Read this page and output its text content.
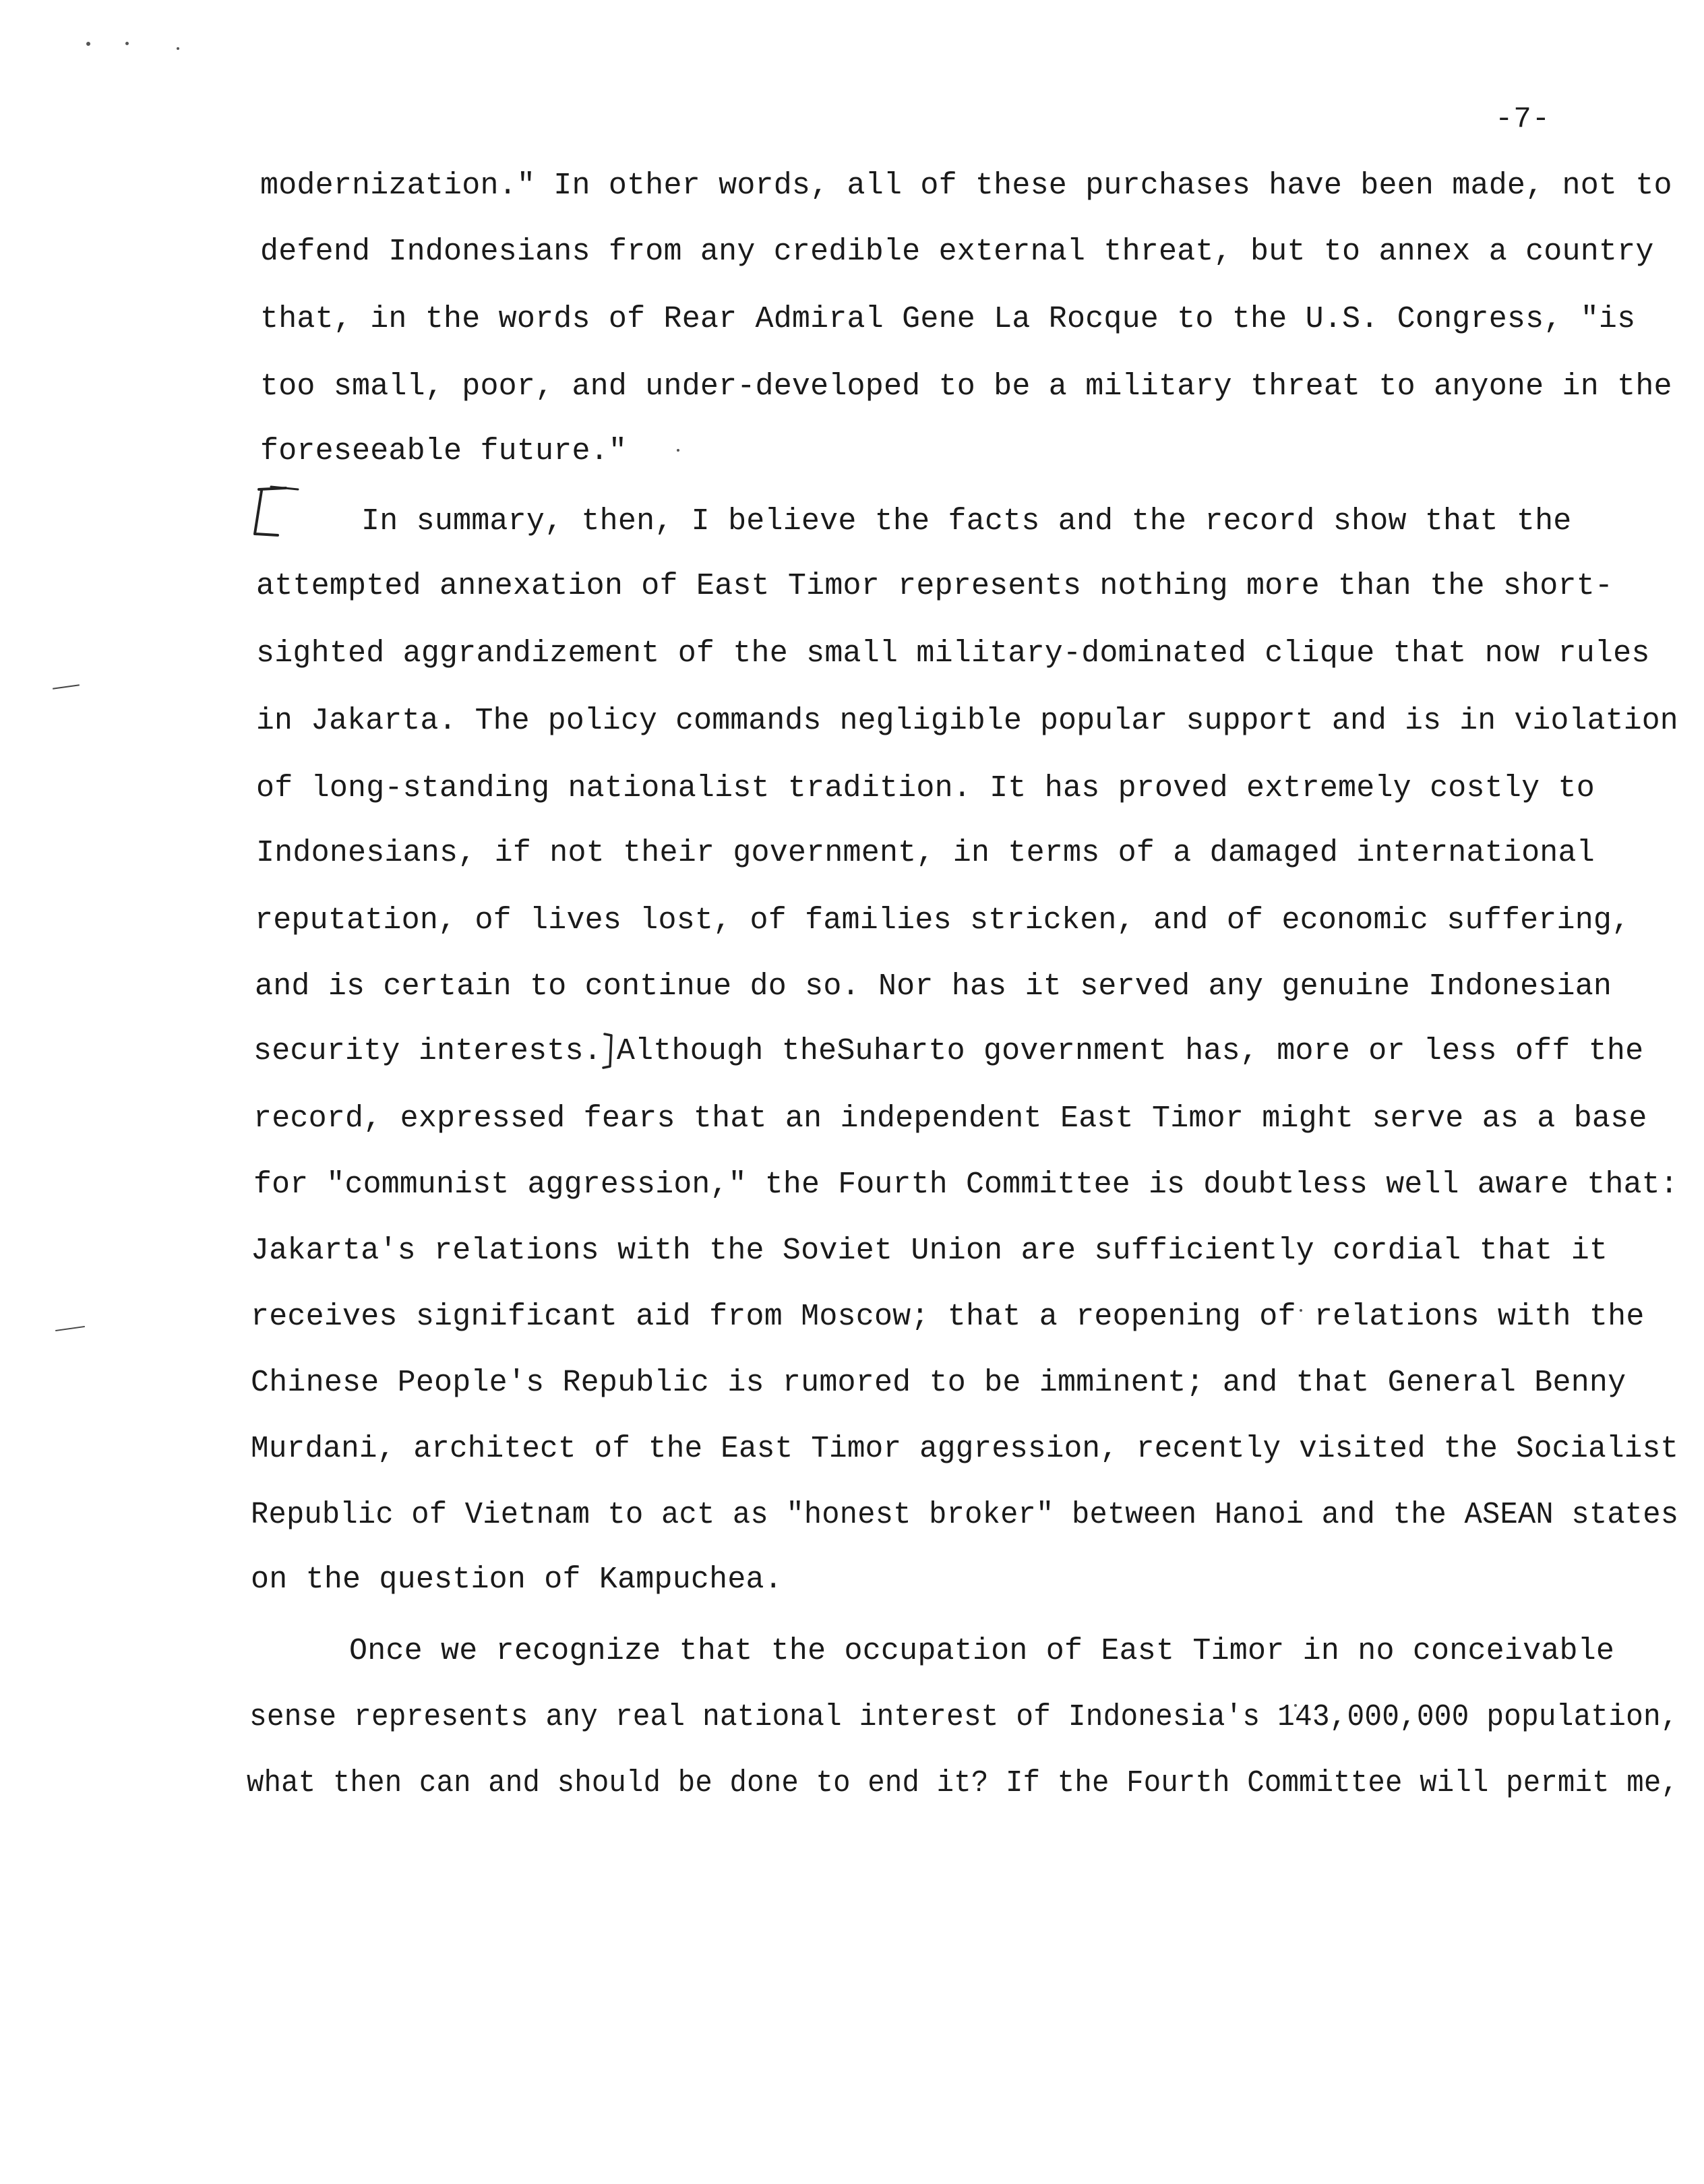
-7-
modernization." In other words, all of these purchases have been made, not to
defend Indonesians from any credible external threat, but to annex a country
that, in the words of Rear Admiral Gene La Rocque to the U.S. Congress, "is
too small, poor, and under-developed to be a military threat to anyone in the
foreseeable future."
In summary, then, I believe the facts and the record show that the
attempted annexation of East Timor represents nothing more than the short-
sighted aggrandizement of the small military-dominated clique that now rules
in Jakarta. The policy commands negligible popular support and is in violation
of long-standing nationalist tradition. It has proved extremely costly to
Indonesians, if not their government, in terms of a damaged international
reputation, of lives lost, of families stricken, and of economic suffering,
and is certain to continue do so. Nor has it served any genuine Indonesian
security interests. Although theSuharto government has, more or less off the
record, expressed fears that an independent East Timor might serve as a base
for "communist aggression," the Fourth Committee is doubtless well aware that:
Jakarta's relations with the Soviet Union are sufficiently cordial that it
receives significant aid from Moscow; that a reopening of relations with the
Chinese People's Republic is rumored to be imminent; and that General Benny
Murdani, architect of the East Timor aggression, recently visited the Socialist
Republic of Vietnam to act as "honest broker" between Hanoi and the ASEAN states
on the question of Kampuchea.
Once we recognize that the occupation of East Timor in no conceivable
sense represents any real national interest of Indonesia's 143,000,000 population,
what then can and should be done to end it? If the Fourth Committee will permit me,
